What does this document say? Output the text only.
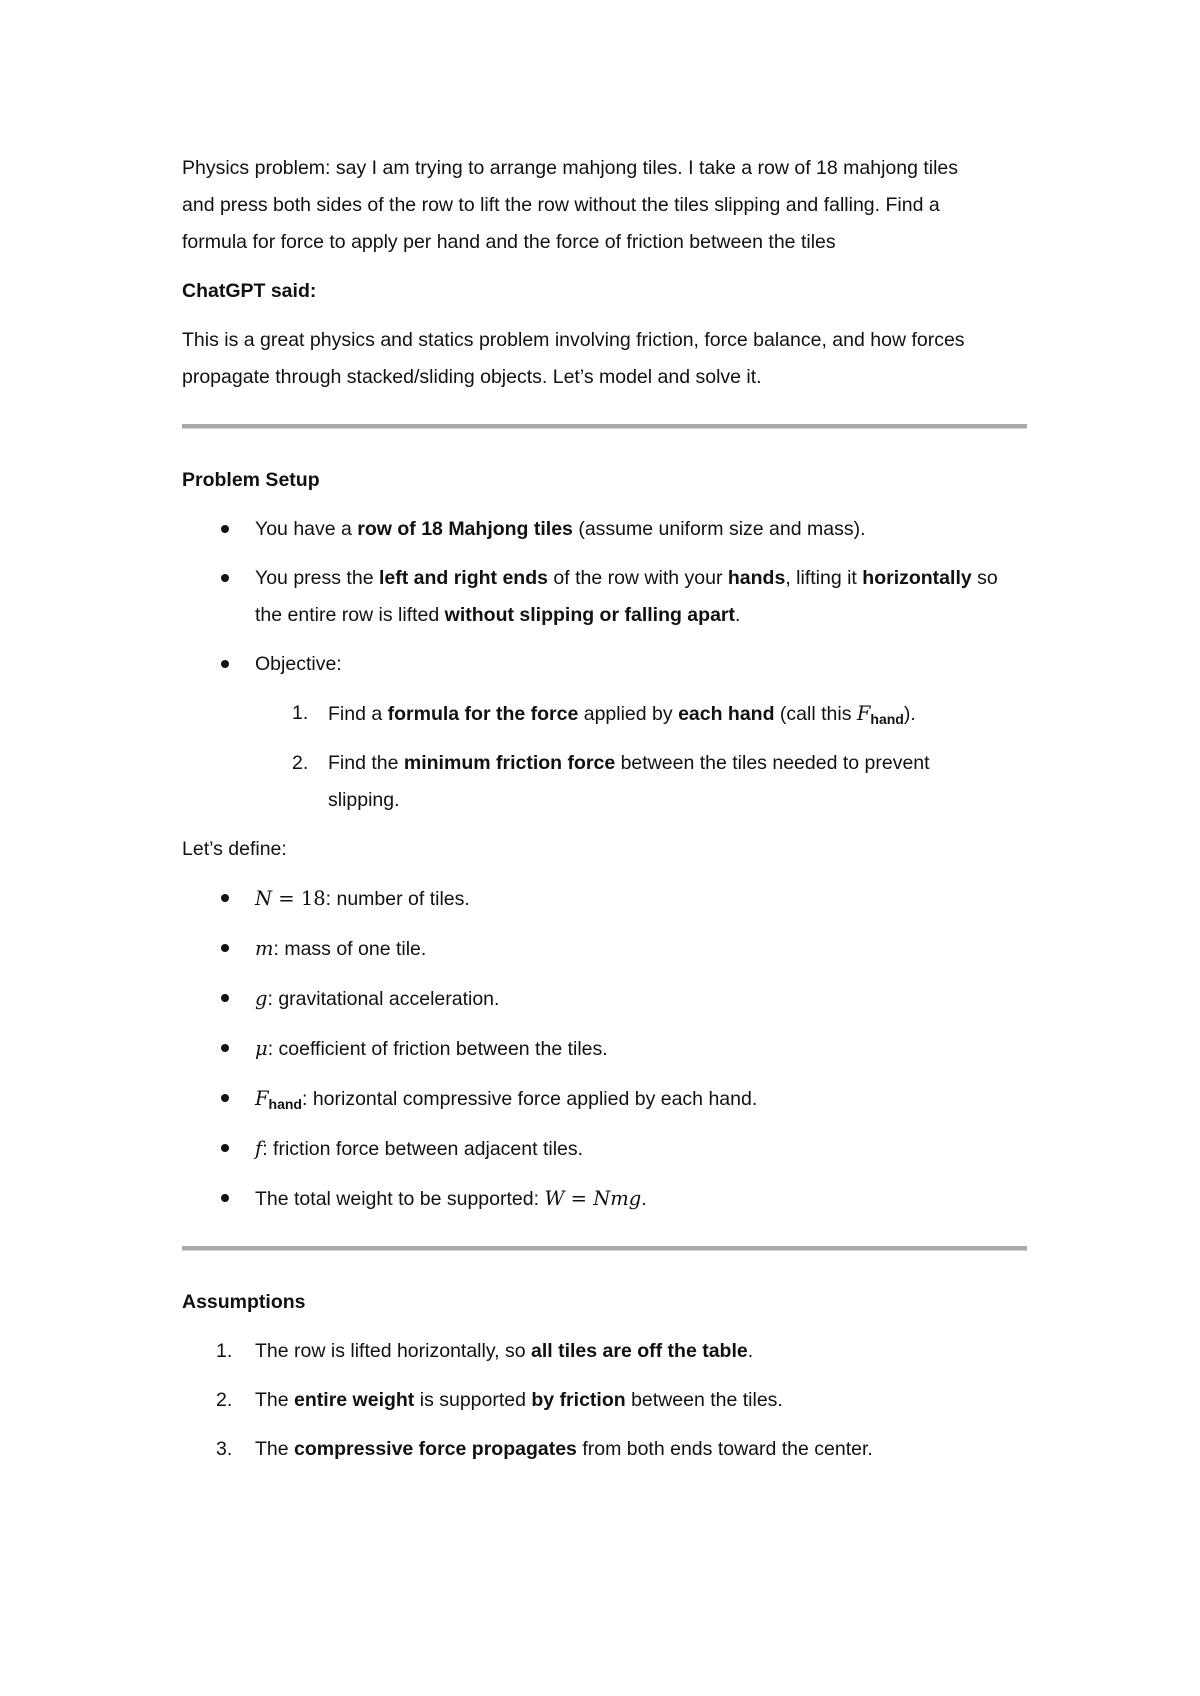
Physics problem: say I am trying to arrange mahjong tiles. I take a row of 18 mahjong tiles
and press both sides of the row to lift the row without the tiles slipping and falling. Find a
formula for force to apply per hand and the force of friction between the tiles

ChatGPT said:

This is a great physics and statics problem involving friction, force balance, and how forces
propagate through stacked/sliding objects. Let’s model and solve it.

Problem Setup

You have a row of 18 Mahjong tiles (assume uniform size and mass).
You press the left and right ends of the row with your hands, lifting it horizontally so
the entire row is lifted without slipping or falling apart.
Objective:
1. Find a formula for the force applied by each hand (call this $F_{hand}$).
2. Find the minimum friction force between the tiles needed to prevent
slipping.

Let’s define:

N = 18: number of tiles.
m: mass of one tile.
g: gravitational acceleration.
μ: coefficient of friction between the tiles.
$F_{hand}$: horizontal compressive force applied by each hand.
f: friction force between adjacent tiles.
The total weight to be supported: W = Nmg.

Assumptions

1. The row is lifted horizontally, so all tiles are off the table.
2. The entire weight is supported by friction between the tiles.
3. The compressive force propagates from both ends toward the center.
